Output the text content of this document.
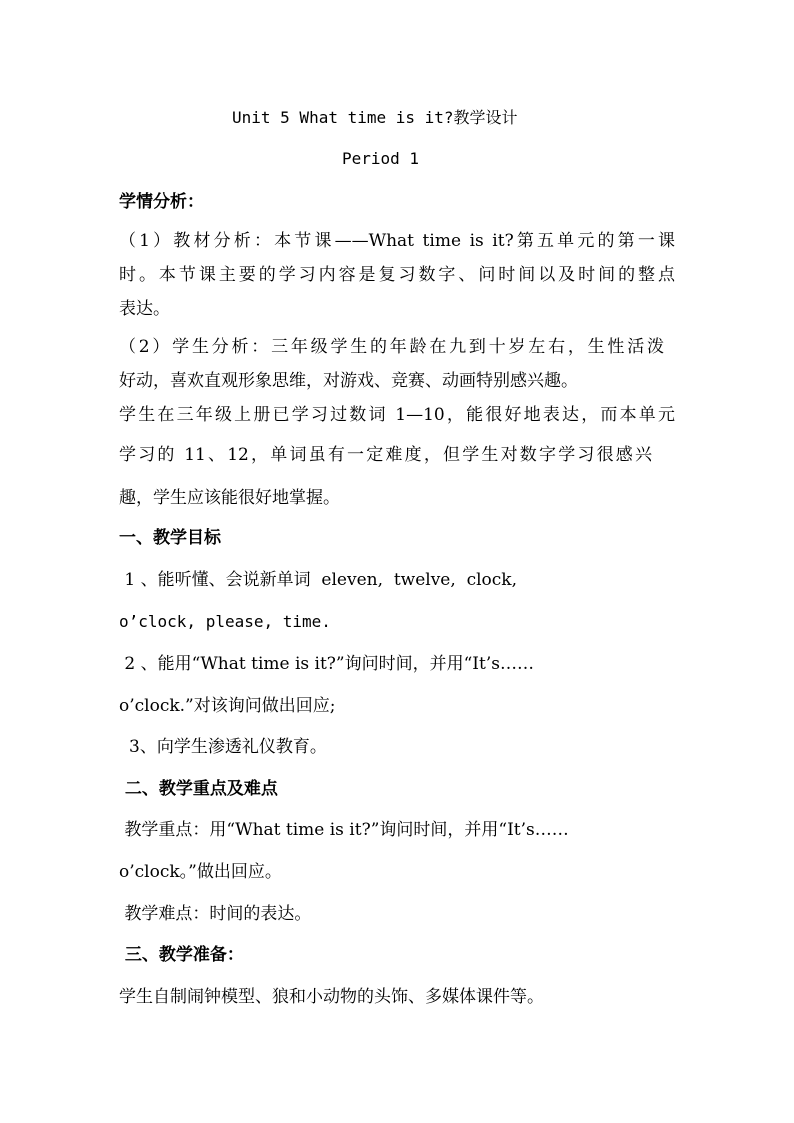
Unit 5 What time is it?教学设计
Period 1
学情分析：
（1）教材分析：本节课——What time is it?第五单元的第一课
时。本节课主要的学习内容是复习数字、问时间以及时间的整点
表达。
（2）学生分析：三年级学生的年龄在九到十岁左右，生性活泼
好动，喜欢直观形象思维，对游戏、竞赛、动画特别感兴趣。
学生在三年级上册已学习过数词 1—10，能很好地表达，而本单元
学习的 11、12，单词虽有一定难度，但学生对数字学习很感兴
趣，学生应该能很好地掌握。
一、教学目标
1 、能听懂、会说新单词  eleven,  twelve,  clock,
o’clock, please, time.
2 、能用“What time is it?”询问时间，并用“It’s……
o’clock.”对该询问做出回应;
3、向学生渗透礼仪教育。
二、教学重点及难点
教学重点：用“What time is it?”询问时间，并用“It’s……
o’clock。”做出回应。
教学难点：时间的表达。
三、教学准备：
学生自制闹钟模型、狼和小动物的头饰、多媒体课件等。
